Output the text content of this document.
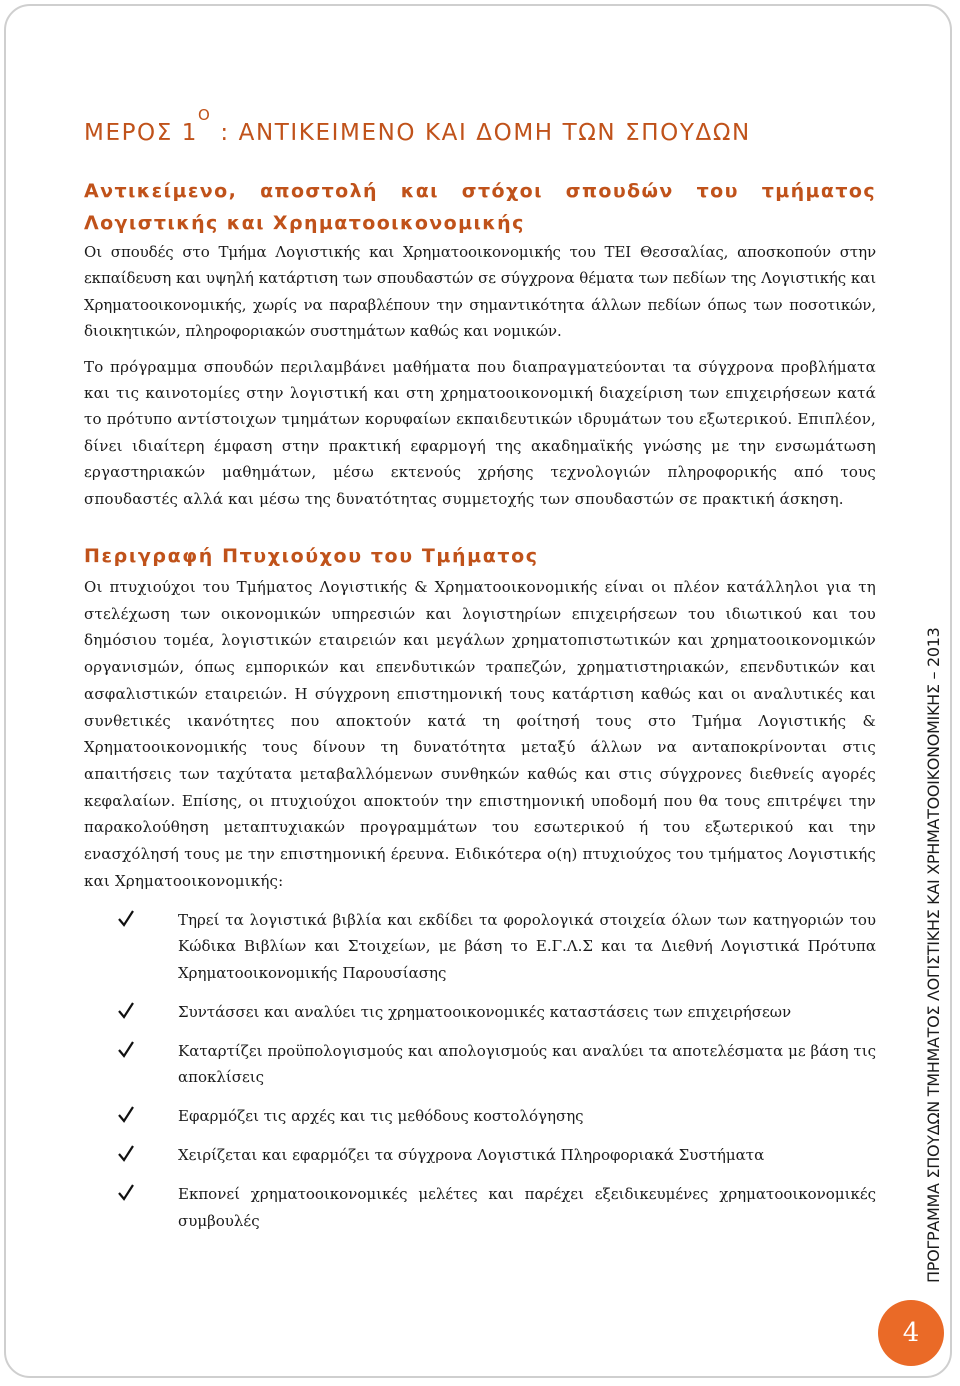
ΜΕΡΟΣ $1^O$ : ΑΝΤΙΚΕΙΜΕΝΟ ΚΑΙ ΔΟΜΗ ΤΩΝ ΣΠΟΥΔΩΝ
Αντικείμενο, αποστολή και στόχοι σπουδών του τμήματος
Λογιστικής και Χρηματοοικονομικής

Οι σπουδές στο Τμήμα Λογιστικής και Χρηματοοικονομικής του ΤΕΙ Θεσσαλίας, αποσκοπούν στην εκπαίδευση και υψηλή κατάρτιση των σπουδαστών σε σύγχρονα θέματα των πεδίων της Λογιστικής και Χρηματοοικονομικής, χωρίς να παραβλέπουν την σημαντικότητα άλλων πεδίων όπως των ποσοτικών, διοικητικών, πληροφοριακών συστημάτων καθώς και νομικών.

Το πρόγραμμα σπουδών περιλαμβάνει μαθήματα που διαπραγματεύονται τα σύγχρονα προβλήματα και τις καινοτομίες στην λογιστική και στη χρηματοοικονομική διαχείριση των επιχειρήσεων κατά το πρότυπο αντίστοιχων τμημάτων κορυφαίων εκπαιδευτικών ιδρυμάτων του εξωτερικού. Επιπλέον, δίνει ιδιαίτερη έμφαση στην πρακτική εφαρμογή της ακαδημαϊκής γνώσης με την ενσωμάτωση εργαστηριακών μαθημάτων, μέσω εκτενούς χρήσης τεχνολογιών πληροφορικής από τους σπουδαστές αλλά και μέσω της δυνατότητας συμμετοχής των σπουδαστών σε πρακτική άσκηση.

Περιγραφή Πτυχιούχου του Τμήματος

Οι πτυχιούχοι του Τμήματος Λογιστικής & Χρηματοοικονομικής είναι οι πλέον κατάλληλοι για τη στελέχωση των οικονομικών υπηρεσιών και λογιστηρίων επιχειρήσεων του ιδιωτικού και του δημόσιου τομέα, λογιστικών εταιρειών και μεγάλων χρηματοπιστωτικών και χρηματοοικονομικών οργανισμών, όπως εμπορικών και επενδυτικών τραπεζών, χρηματιστηριακών, επενδυτικών και ασφαλιστικών εταιρειών. Η σύγχρονη επιστημονική τους κατάρτιση καθώς και οι αναλυτικές και συνθετικές ικανότητες που αποκτούν κατά τη φοίτησή τους στο Τμήμα Λογιστικής & Χρηματοοικονομικής τους δίνουν τη δυνατότητα μεταξύ άλλων να ανταποκρίνονται στις απαιτήσεις των ταχύτατα μεταβαλλόμενων συνθηκών καθώς και στις σύγχρονες διεθνείς αγορές κεφαλαίων. Επίσης, οι πτυχιούχοι αποκτούν την επιστημονική υποδομή που θα τους επιτρέψει την παρακολούθηση μεταπτυχιακών προγραμμάτων του εσωτερικού ή του εξωτερικού και την ενασχόλησή τους με την επιστημονική έρευνα. Ειδικότερα ο(η) πτυχιούχος του τμήματος Λογιστικής και Χρηματοοικονομικής:

Τηρεί τα λογιστικά βιβλία και εκδίδει τα φορολογικά στοιχεία όλων των κατηγοριών του Κώδικα Βιβλίων και Στοιχείων, με βάση το Ε.Γ.Λ.Σ και τα Διεθνή Λογιστικά Πρότυπα Χρηματοοικονομικής Παρουσίασης
Συντάσσει και αναλύει τις χρηματοοικονομικές καταστάσεις των επιχειρήσεων
Καταρτίζει προϋπολογισμούς και απολογισμούς και αναλύει τα αποτελέσματα με βάση τις αποκλίσεις
Εφαρμόζει τις αρχές και τις μεθόδους κοστολόγησης
Χειρίζεται και εφαρμόζει τα σύγχρονα Λογιστικά Πληροφοριακά Συστήματα
Εκπονεί χρηματοοικονομικές μελέτες και παρέχει εξειδικευμένες χρηματοοικονομικές συμβουλές	ΠΡΟΓΡΑΜΜΑ ΣΠΟΥΔΩΝ ΤΜΗΜΑΤΟΣ ΛΟΓΙΣΤΙΚΗΣ ΚΑΙ ΧΡΗΜΑΤΟΟΙΚΟΝΟΜΙΚΗΣ – 2013
4
